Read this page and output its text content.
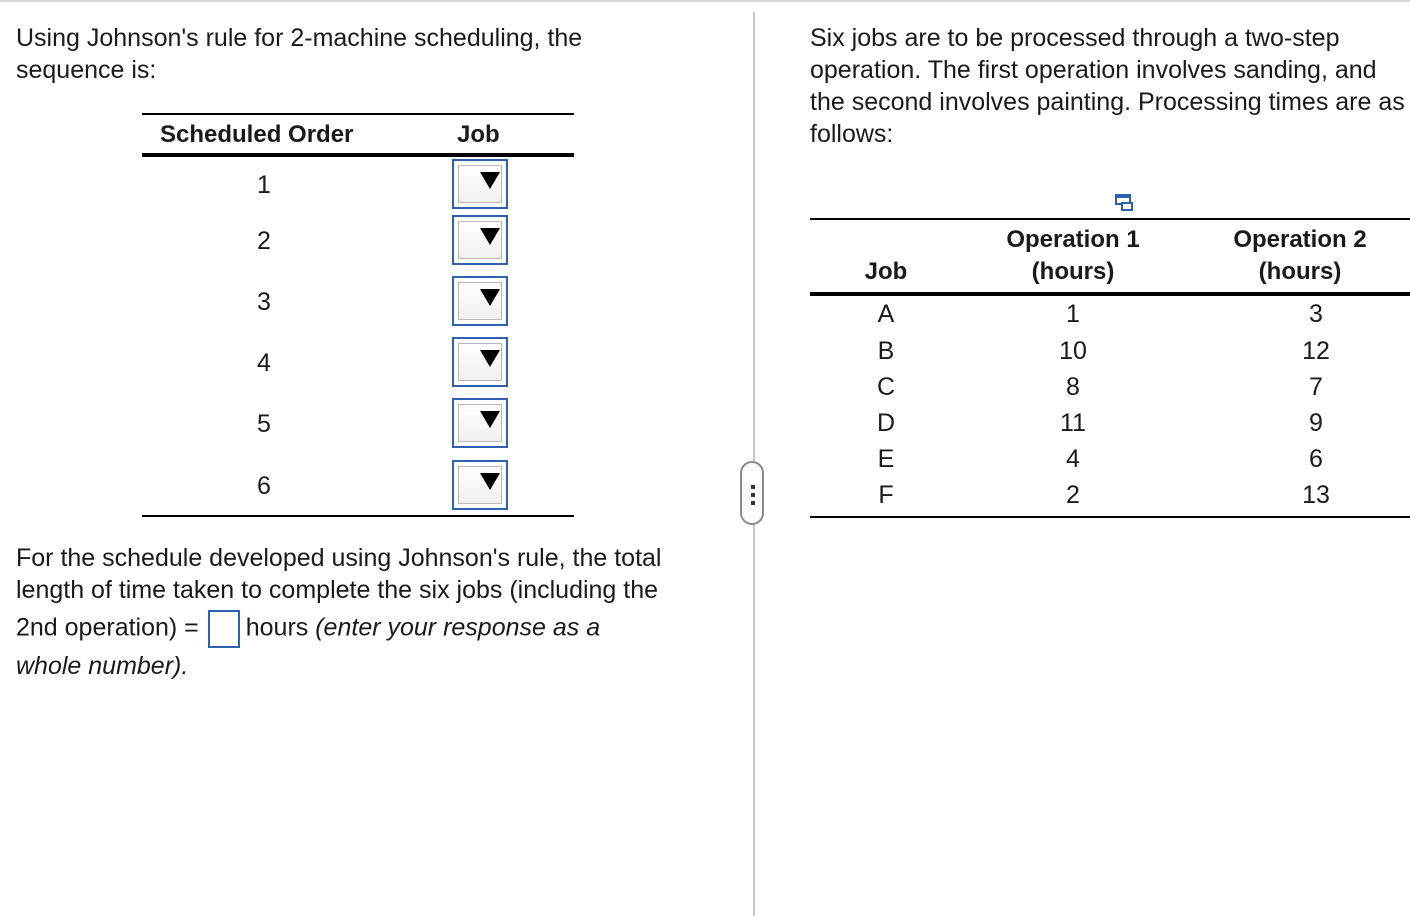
Using Johnson's rule for 2-machine scheduling, the sequence is:

Scheduled Order	Job
1
2
3
4
5
6
For the schedule developed using Johnson's rule, the total
length of time taken to complete the six jobs (including the

2nd operation) = hours (enter your response as a
whole number).

Six jobs are to be processed through a two-step operation. The first operation involves sanding, and the second involves painting. Processing times are as follows:

Job
Operation 1 (hours)
Operation 2 (hours)
A	1	3
B	10	12
C	8	7
D	11	9
E	4	6
F	2	13
